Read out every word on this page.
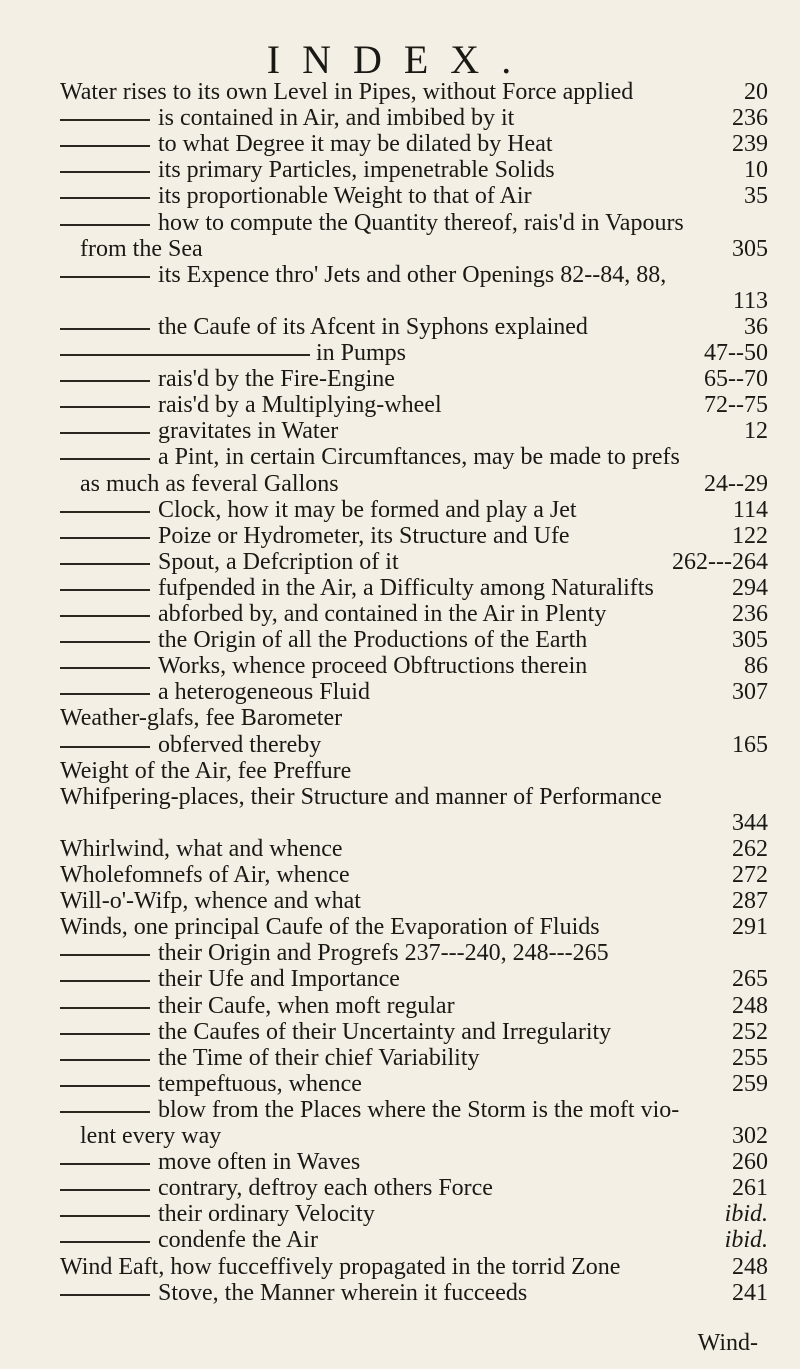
INDEX.
Water rises to its own Level in Pipes, without Force applied	20
is contained in Air, and imbibed by it	236
to what Degree it may be dilated by Heat	239
its primary Particles, impenetrable Solids	10
its proportionable Weight to that of Air	35
how to compute the Quantity thereof, rais'd in Vapours
from the Sea	305
its Expence thro' Jets and other Openings 82--84, 88,
113
the Caufe of its Afcent in Syphons explained	36
in Pumps	47--50
rais'd by the Fire-Engine	65--70
rais'd by a Multiplying-wheel	72--75
gravitates in Water	12
a Pint, in certain Circumftances, may be made to prefs
as much as feveral Gallons	24--29
Clock, how it may be formed and play a Jet	114
Poize or Hydrometer, its Structure and Ufe	122
Spout, a Defcription of it	262---264
fufpended in the Air, a Difficulty among Naturalifts	294
abforbed by, and contained in the Air in Plenty	236
the Origin of all the Productions of the Earth	305
Works, whence proceed Obftructions therein	86
a heterogeneous Fluid	307
Weather-glafs, fee Barometer
obferved thereby	165
Weight of the Air, fee Preffure
Whifpering-places, their Structure and manner of Performance
344
Whirlwind, what and whence	262
Wholefomnefs of Air, whence	272
Will-o'-Wifp, whence and what	287
Winds, one principal Caufe of the Evaporation of Fluids	291
their Origin and Progrefs 237---240, 248---265
their Ufe and Importance	265
their Caufe, when moft regular	248
the Caufes of their Uncertainty and Irregularity	252
the Time of their chief Variability	255
tempeftuous, whence	259
blow from the Places where the Storm is the moft vio-
lent every way	302
move often in Waves	260
contrary, deftroy each others Force	261
their ordinary Velocity	ibid.
condenfe the Air	ibid.
Wind Eaft, how fucceffively propagated in the torrid Zone	248
Stove, the Manner wherein it fucceeds	241
Wind-
